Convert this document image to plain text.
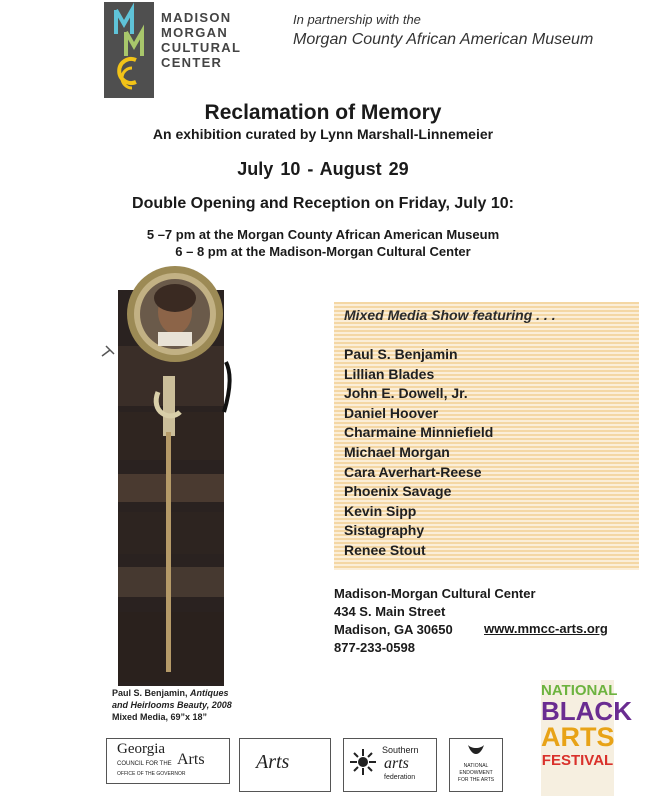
MADISON
MORGAN
CULTURAL
CENTER
In partnership with the
Morgan County African American Museum
Reclamation of Memory
An exhibition curated by Lynn Marshall-Linnemeier
July 10 - August 29
Double Opening and Reception on Friday, July 10:
5 –7 pm at the Morgan County African American Museum
6 – 8 pm at the Madison-Morgan Cultural Center
Paul S. Benjamin, Antiques
and Heirlooms Beauty, 2008
Mixed Media, 69”x 18”
Mixed Media Show featuring . . .
Paul S. Benjamin
Lillian Blades
John E. Dowell, Jr.
Daniel Hoover
Charmaine Minniefield
Michael Morgan
Cara Averhart-Reese
Phoenix Savage
Kevin Sipp
Sistagraphy
Renee Stout
Madison-Morgan Cultural Center
434 S. Main Street
Madison, GA 30650
877-233-0598
www.mmcc-arts.org
Georgia
COUNCIL FOR THE Arts
OFFICE OF THE GOVERNOR
Arts
Southern
arts
federation
NATIONAL
ENDOWMENT
FOR THE ARTS
NATIONAL
BLACK
ARTS
FESTIVAL
